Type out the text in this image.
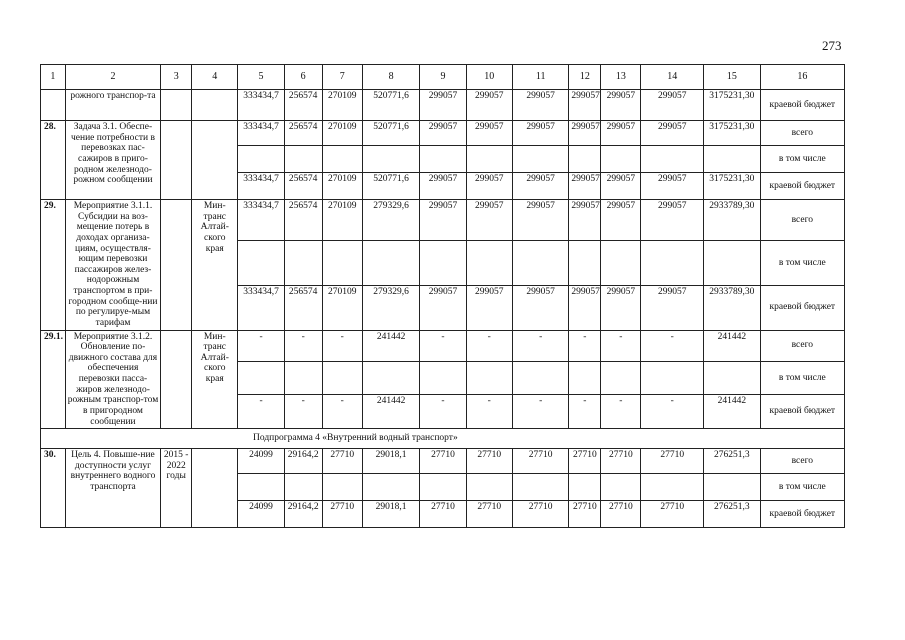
273
1	2	3	4	5	6	7	8	9	10	11	12	13	14	15	16
	рожного транспор-та			333434,7	256574	270109	520771,6	299057	299057	299057	299057	299057	299057	3175231,30	краевой бюджет
28.	Задача 3.1. Обеспе-чение потребности в перевозках пас-сажиров в приго-родном железнодо-рожном сообщении			333434,7	256574	270109	520771,6	299057	299057	299057	299057	299057	299057	3175231,30	всего
															в том числе
				333434,7	256574	270109	520771,6	299057	299057	299057	299057	299057	299057	3175231,30	краевой бюджет
29.	Мероприятие 3.1.1. Субсидии на воз-мещение потерь в доходах организа-циям, осуществля-ющим перевозки пассажиров желез-нодорожным транспортом в при-городном сообще-нии по регулируе-мым тарифам		Мин-транс Алтай-ского края	333434,7	256574	270109	279329,6	299057	299057	299057	299057	299057	299057	2933789,30	всего
															в том числе
				333434,7	256574	270109	279329,6	299057	299057	299057	299057	299057	299057	2933789,30	краевой бюджет
29.1.	Мероприятие 3.1.2. Обновление по-движного состава для обеспечения перевозки пасса-жиров железнодо-рожным транспор-том в пригородном сообщении		Мин-транс Алтай-ского края	-	-	-	241442	-	-	-	-	-	-	241442	всего
															в том числе
				-	-	-	241442	-	-	-	-	-	-	241442	краевой бюджет
Подпрограмма 4 «Внутренний водный транспорт»															
30.	Цель 4. Повыше-ние доступности услуг внутреннего водного транспорта	2015 - 2022 годы		24099	29164,2	27710	29018,1	27710	27710	27710	27710	27710	27710	276251,3	всего
															в том числе
				24099	29164,2	27710	29018,1	27710	27710	27710	27710	27710	27710	276251,3	краевой бюджет
